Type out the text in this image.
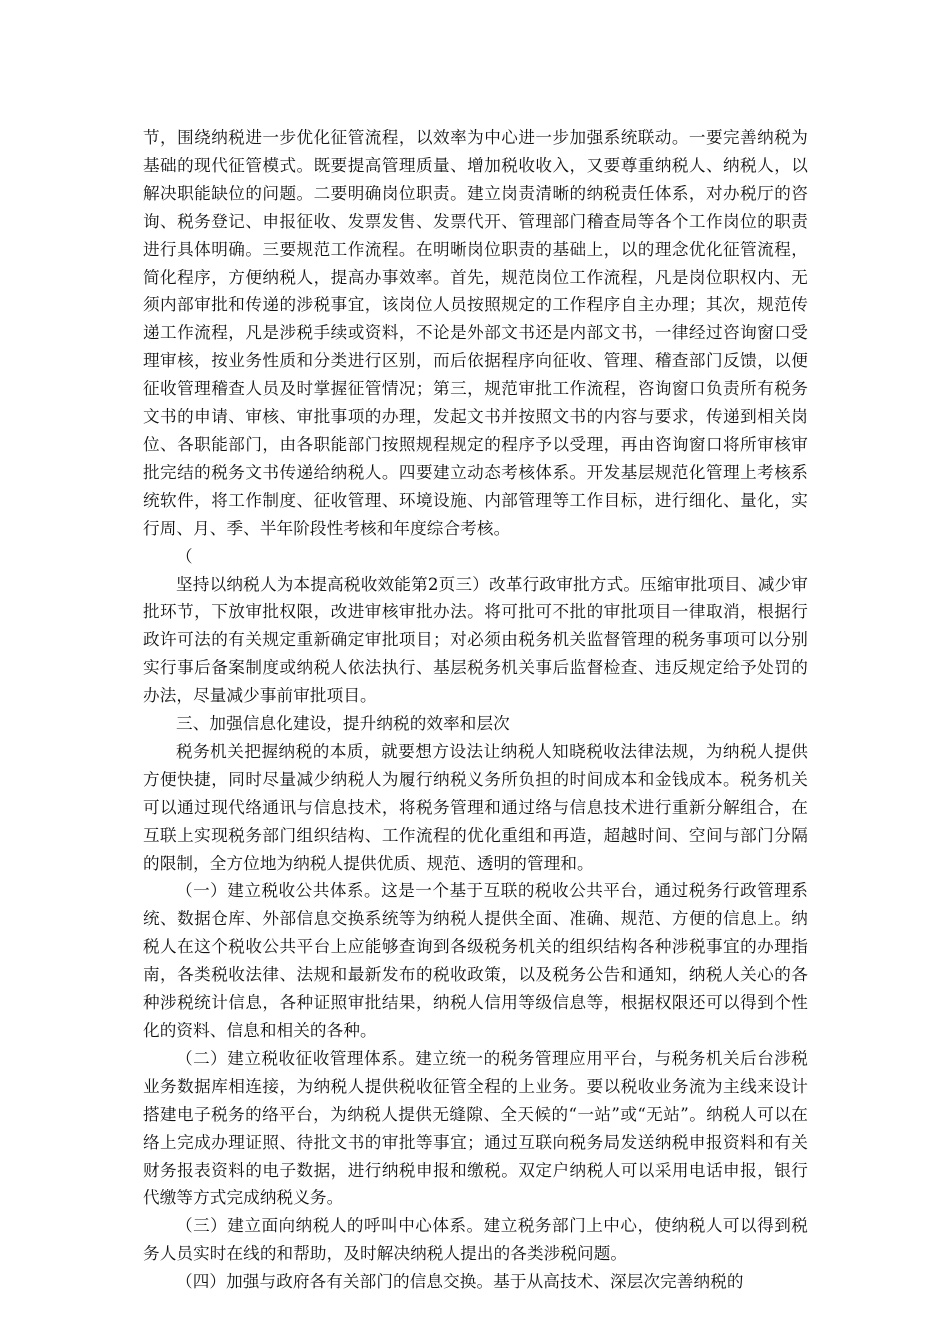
节，围绕纳税进一步优化征管流程，以效率为中心进一步加强系统联动。一要完善纳税为基础的现代征管模式。既要提高管理质量、增加税收收入，又要尊重纳税人、纳税人，以解决职能缺位的问题。二要明确岗位职责。建立岗责清晰的纳税责任体系，对办税厅的咨询、税务登记、申报征收、发票发售、发票代开、管理部门稽查局等各个工作岗位的职责进行具体明确。三要规范工作流程。在明晰岗位职责的基础上，以的理念优化征管流程，简化程序，方便纳税人，提高办事效率。首先，规范岗位工作流程，凡是岗位职权内、无须内部审批和传递的涉税事宜，该岗位人员按照规定的工作程序自主办理；其次，规范传递工作流程，凡是涉税手续或资料，不论是外部文书还是内部文书，一律经过咨询窗口受理审核，按业务性质和分类进行区别，而后依据程序向征收、管理、稽查部门反馈，以便征收管理稽查人员及时掌握征管情况；第三，规范审批工作流程，咨询窗口负责所有税务文书的申请、审核、审批事项的办理，发起文书并按照文书的内容与要求，传递到相关岗位、各职能部门，由各职能部门按照规程规定的程序予以受理，再由咨询窗口将所审核审批完结的税务文书传递给纳税人。四要建立动态考核体系。开发基层规范化管理上考核系统软件，将工作制度、征收管理、环境设施、内部管理等工作目标，进行细化、量化，实行周、月、季、半年阶段性考核和年度综合考核。

（

坚持以纳税人为本提高税收效能第2页三）改革行政审批方式。压缩审批项目、减少审批环节，下放审批权限，改进审核审批办法。将可批可不批的审批项目一律取消，根据行政许可法的有关规定重新确定审批项目；对必须由税务机关监督管理的税务事项可以分别实行事后备案制度或纳税人依法执行、基层税务机关事后监督检查、违反规定给予处罚的办法，尽量减少事前审批项目。

三、加强信息化建设，提升纳税的效率和层次

税务机关把握纳税的本质，就要想方设法让纳税人知晓税收法律法规，为纳税人提供方便快捷，同时尽量减少纳税人为履行纳税义务所负担的时间成本和金钱成本。税务机关可以通过现代络通讯与信息技术，将税务管理和通过络与信息技术进行重新分解组合，在互联上实现税务部门组织结构、工作流程的优化重组和再造，超越时间、空间与部门分隔的限制，全方位地为纳税人提供优质、规范、透明的管理和。

（一）建立税收公共体系。这是一个基于互联的税收公共平台，通过税务行政管理系统、数据仓库、外部信息交换系统等为纳税人提供全面、准确、规范、方便的信息上。纳税人在这个税收公共平台上应能够查询到各级税务机关的组织结构各种涉税事宜的办理指南，各类税收法律、法规和最新发布的税收政策，以及税务公告和通知，纳税人关心的各种涉税统计信息，各种证照审批结果，纳税人信用等级信息等，根据权限还可以得到个性化的资料、信息和相关的各种。

（二）建立税收征收管理体系。建立统一的税务管理应用平台，与税务机关后台涉税业务数据库相连接，为纳税人提供税收征管全程的上业务。要以税收业务流为主线来设计搭建电子税务的络平台，为纳税人提供无缝隙、全天候的“一站”或“无站”。纳税人可以在络上完成办理证照、待批文书的审批等事宜；通过互联向税务局发送纳税申报资料和有关财务报表资料的电子数据，进行纳税申报和缴税。双定户纳税人可以采用电话申报，银行代缴等方式完成纳税义务。

（三）建立面向纳税人的呼叫中心体系。建立税务部门上中心，使纳税人可以得到税务人员实时在线的和帮助，及时解决纳税人提出的各类涉税问题。

（四）加强与政府各有关部门的信息交换。基于从高技术、深层次完善纳税的
